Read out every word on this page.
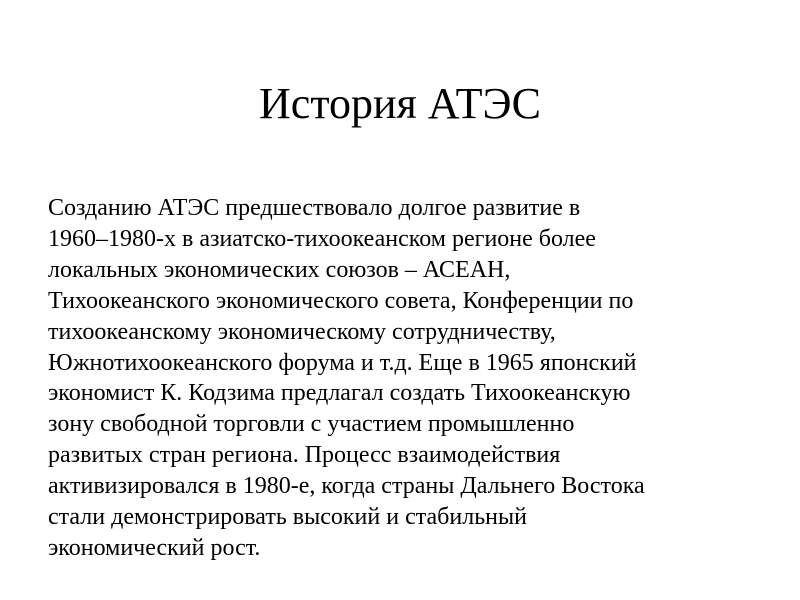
История АТЭС
Созданию АТЭС предшествовало долгое развитие в
1960–1980-х в азиатско-тихоокеанском регионе более
локальных экономических союзов – АСЕАН,
Тихоокеанского экономического совета, Конференции по
тихоокеанскому экономическому сотрудничеству,
Южнотихоокеанского форума и т.д. Еще в 1965 японский
экономист К. Кодзима предлагал создать Тихоокеанскую
зону свободной торговли с участием промышленно
развитых стран региона. Процесс взаимодействия
активизировался в 1980-е, когда страны Дальнего Востока
стали демонстрировать высокий и стабильный
экономический рост.
